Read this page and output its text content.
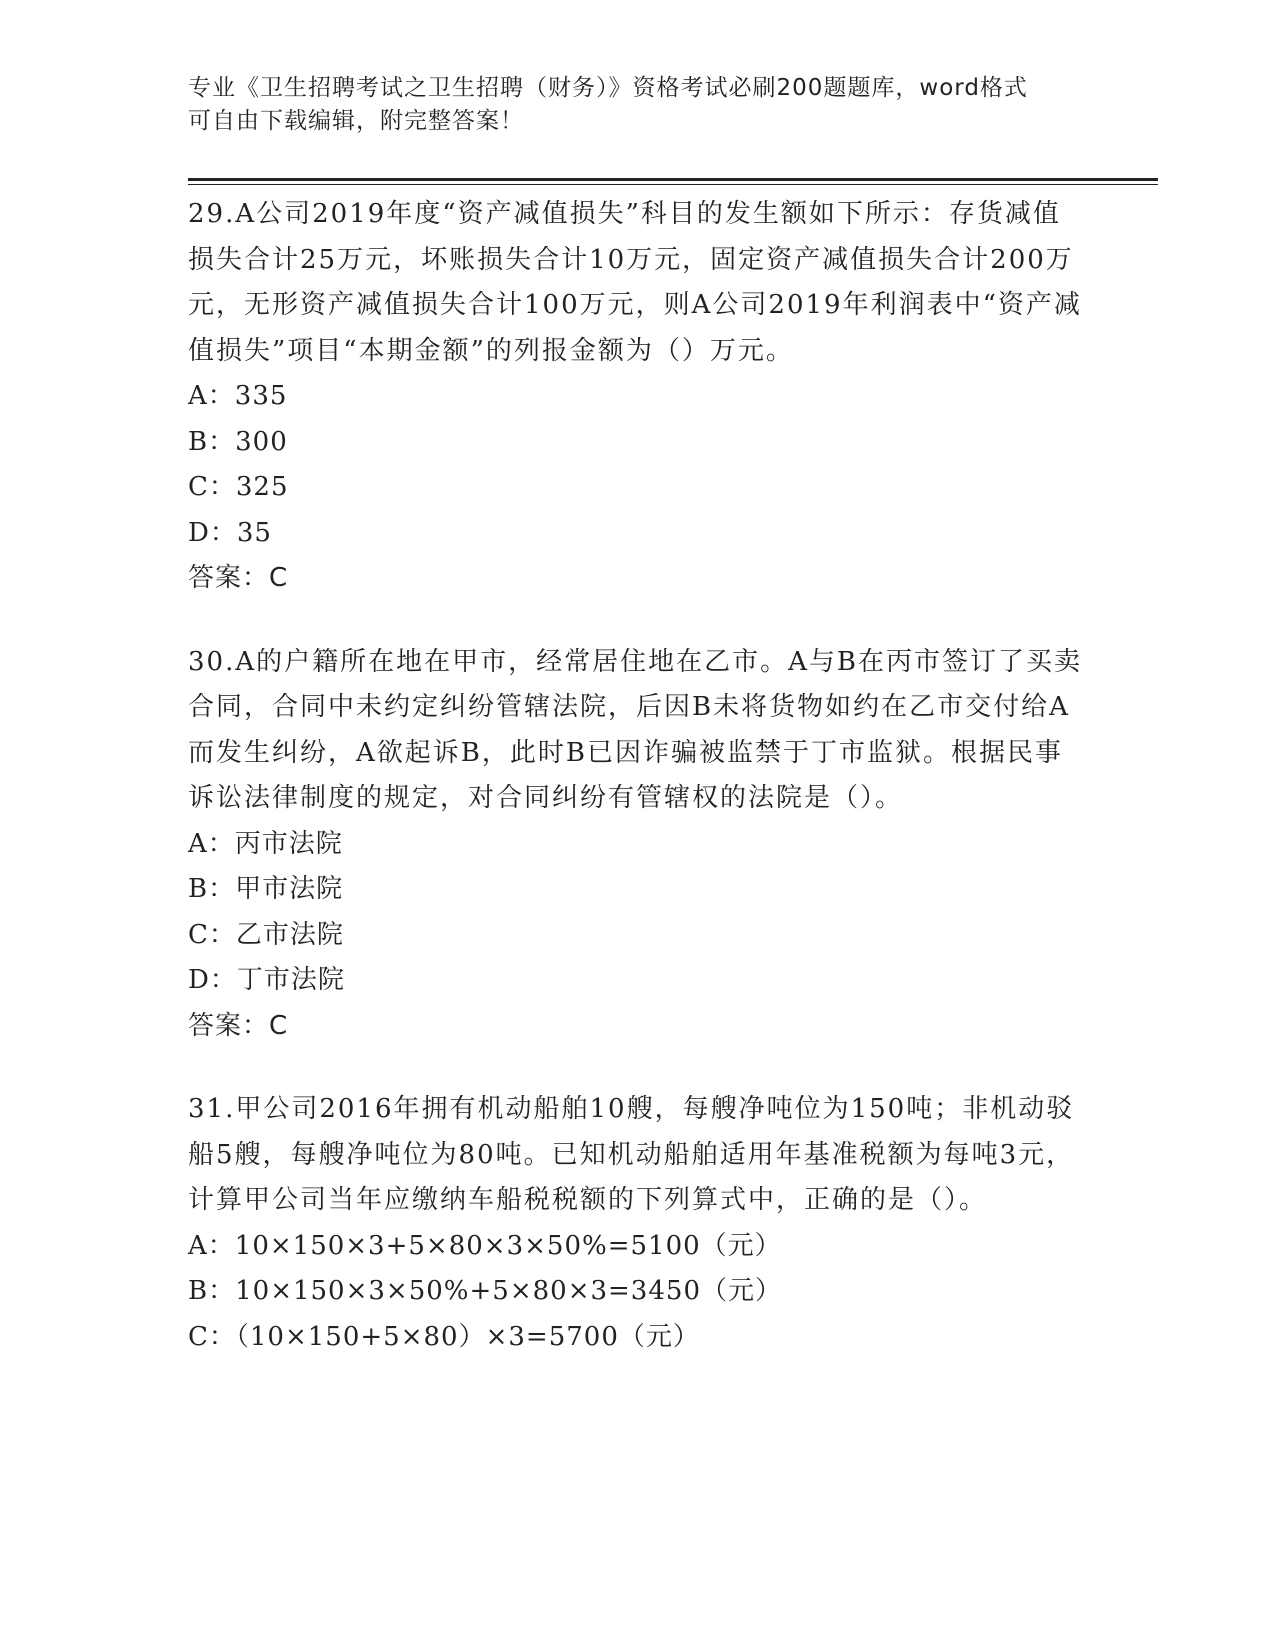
专业《卫生招聘考试之卫生招聘（财务）》资格考试必刷200题题库，word格式
可自由下载编辑，附完整答案！

29.A公司2019年度“资产减值损失”科目的发生额如下所示：存货减值损失合计25万元，坏账损失合计10万元，固定资产减值损失合计200万元，无形资产减值损失合计100万元，则A公司2019年利润表中“资产减值损失”项目“本期金额”的列报金额为（）万元。

A：335

B：300

C：325

D：35

答案：C

30.A的户籍所在地在甲市，经常居住地在乙市。A与B在丙市签订了买卖合同，合同中未约定纠纷管辖法院，后因B未将货物如约在乙市交付给A而发生纠纷，A欲起诉B，此时B已因诈骗被监禁于丁市监狱。根据民事诉讼法律制度的规定，对合同纠纷有管辖权的法院是（）。

A：丙市法院

B：甲市法院

C：乙市法院

D：丁市法院

答案：C

31.甲公司2016年拥有机动船舶10艘，每艘净吨位为150吨；非机动驳船5艘，每艘净吨位为80吨。已知机动船舶适用年基准税额为每吨3元，计算甲公司当年应缴纳车船税税额的下列算式中，正确的是（）。

A：10×150×3+5×80×3×50%=5100（元）

B：10×150×3×50%+5×80×3=3450（元）

C：（10×150+5×80）×3=5700（元）
